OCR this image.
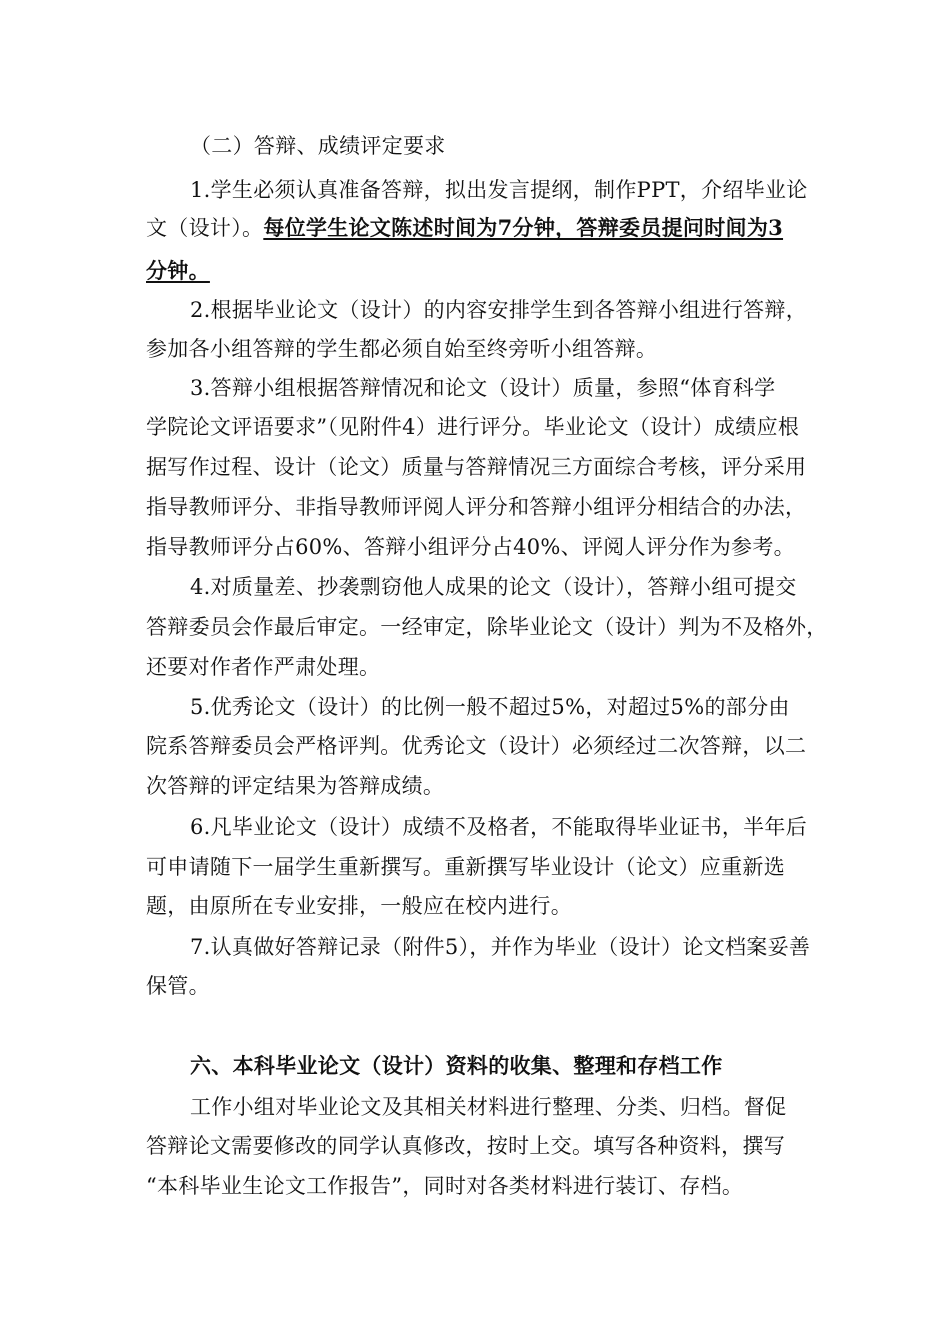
（二）答辩、成绩评定要求
1.学生必须认真准备答辩，拟出发言提纲，制作PPT，介绍毕业论
文（设计）。每位学生论文陈述时间为7分钟，答辩委员提问时间为3
分钟。
2.根据毕业论文（设计）的内容安排学生到各答辩小组进行答辩，
参加各小组答辩的学生都必须自始至终旁听小组答辩。
3.答辩小组根据答辩情况和论文（设计）质量，参照“体育科学
学院论文评语要求”（见附件4）进行评分。毕业论文（设计）成绩应根
据写作过程、设计（论文）质量与答辩情况三方面综合考核，评分采用
指导教师评分、非指导教师评阅人评分和答辩小组评分相结合的办法，
指导教师评分占60%、答辩小组评分占40%、评阅人评分作为参考。
4.对质量差、抄袭剽窃他人成果的论文（设计），答辩小组可提交
答辩委员会作最后审定。一经审定，除毕业论文（设计）判为不及格外，
还要对作者作严肃处理。
5.优秀论文（设计）的比例一般不超过5%，对超过5%的部分由
院系答辩委员会严格评判。优秀论文（设计）必须经过二次答辩，以二
次答辩的评定结果为答辩成绩。
6.凡毕业论文（设计）成绩不及格者，不能取得毕业证书，半年后
可申请随下一届学生重新撰写。重新撰写毕业设计（论文）应重新选
题，由原所在专业安排，一般应在校内进行。
7.认真做好答辩记录（附件5），并作为毕业（设计）论文档案妥善
保管。
六、本科毕业论文（设计）资料的收集、整理和存档工作
工作小组对毕业论文及其相关材料进行整理、分类、归档。督促
答辩论文需要修改的同学认真修改，按时上交。填写各种资料，撰写
“本科毕业生论文工作报告”，同时对各类材料进行装订、存档。
